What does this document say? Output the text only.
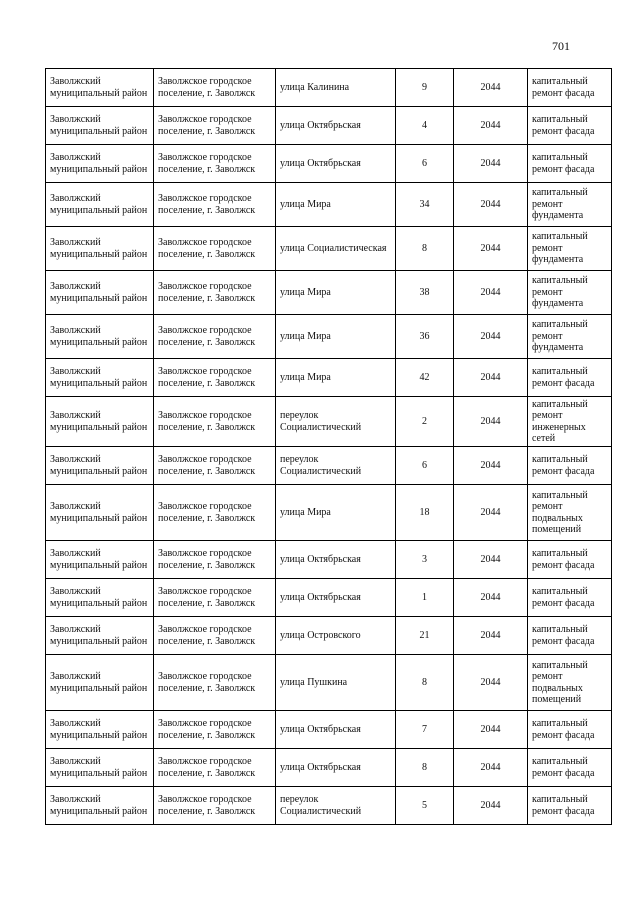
701
Заволжский муниципальный район	Заволжское городское поселение, г. Заволжск	улица Калинина	9	2044	капитальный ремонт фасада
Заволжский муниципальный район	Заволжское городское поселение, г. Заволжск	улица Октябрьская	4	2044	капитальный ремонт фасада
Заволжский муниципальный район	Заволжское городское поселение, г. Заволжск	улица Октябрьская	6	2044	капитальный ремонт фасада
Заволжский муниципальный район	Заволжское городское поселение, г. Заволжск	улица Мира	34	2044	капитальный ремонт фундамента
Заволжский муниципальный район	Заволжское городское поселение, г. Заволжск	улица Социалистическая	8	2044	капитальный ремонт фундамента
Заволжский муниципальный район	Заволжское городское поселение, г. Заволжск	улица Мира	38	2044	капитальный ремонт фундамента
Заволжский муниципальный район	Заволжское городское поселение, г. Заволжск	улица Мира	36	2044	капитальный ремонт фундамента
Заволжский муниципальный район	Заволжское городское поселение, г. Заволжск	улица Мира	42	2044	капитальный ремонт фасада
Заволжский муниципальный район	Заволжское городское поселение, г. Заволжск	переулок Социалистический	2	2044	капитальный ремонт инженерных сетей
Заволжский муниципальный район	Заволжское городское поселение, г. Заволжск	переулок Социалистический	6	2044	капитальный ремонт фасада
Заволжский муниципальный район	Заволжское городское поселение, г. Заволжск	улица Мира	18	2044	капитальный ремонт подвальных помещений
Заволжский муниципальный район	Заволжское городское поселение, г. Заволжск	улица Октябрьская	3	2044	капитальный ремонт фасада
Заволжский муниципальный район	Заволжское городское поселение, г. Заволжск	улица Октябрьская	1	2044	капитальный ремонт фасада
Заволжский муниципальный район	Заволжское городское поселение, г. Заволжск	улица Островского	21	2044	капитальный ремонт фасада
Заволжский муниципальный район	Заволжское городское поселение, г. Заволжск	улица Пушкина	8	2044	капитальный ремонт подвальных помещений
Заволжский муниципальный район	Заволжское городское поселение, г. Заволжск	улица Октябрьская	7	2044	капитальный ремонт фасада
Заволжский муниципальный район	Заволжское городское поселение, г. Заволжск	улица Октябрьская	8	2044	капитальный ремонт фасада
Заволжский муниципальный район	Заволжское городское поселение, г. Заволжск	переулок Социалистический	5	2044	капитальный ремонт фасада
